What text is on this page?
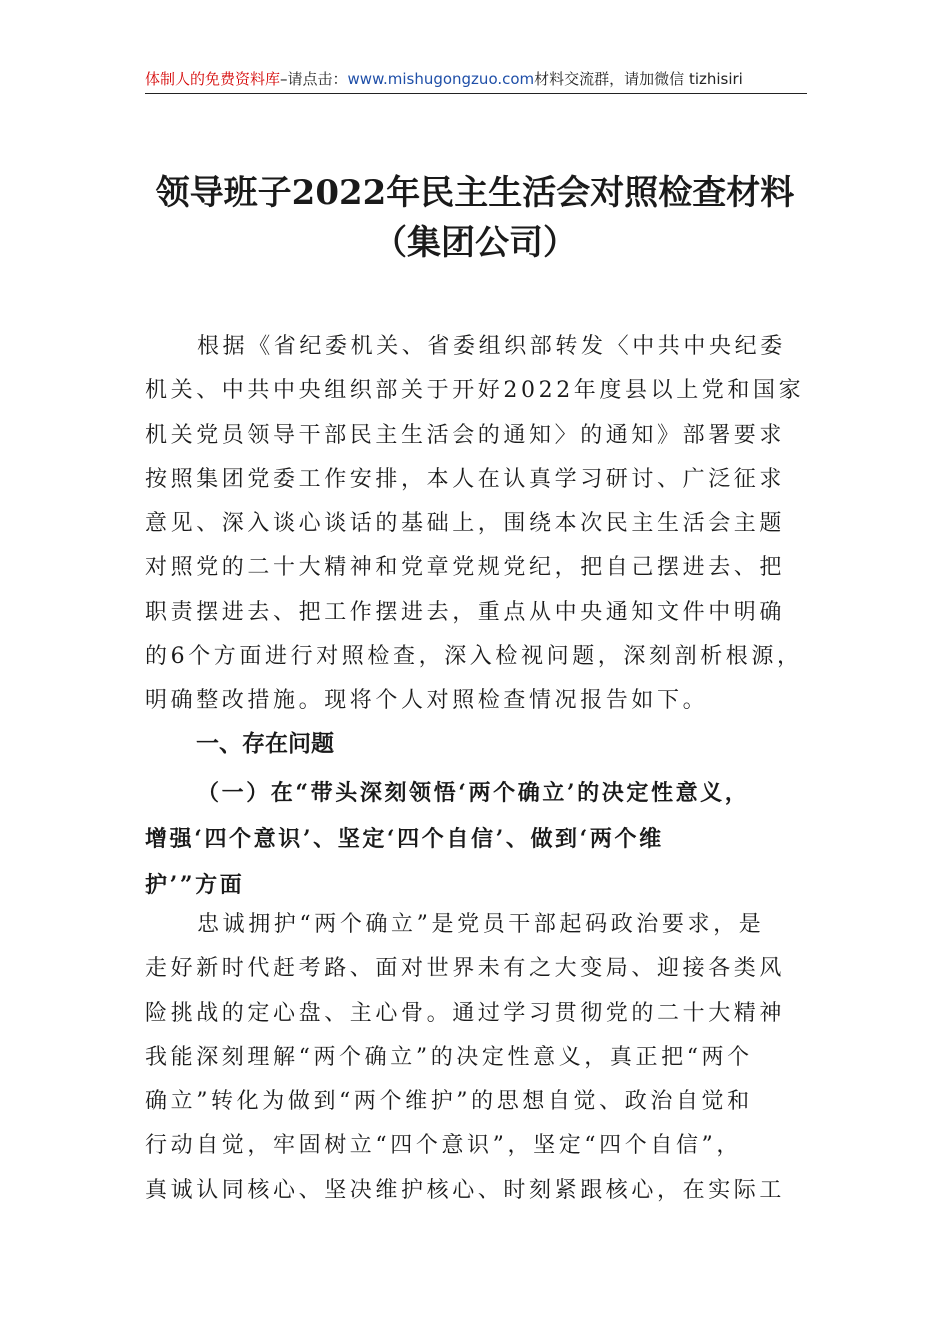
体制人的免费资料库–请点击：www.mishugongzuo.com材料交流群，请加微信 tizhisiri
领导班子2022年民主生活会对照检查材料
（集团公司）
根据《省纪委机关、省委组织部转发〈中共中央纪委
机关、中共中央组织部关于开好2022年度县以上党和国家
机关党员领导干部民主生活会的通知〉的通知》部署要求
按照集团党委工作安排，本人在认真学习研讨、广泛征求
意见、深入谈心谈话的基础上，围绕本次民主生活会主题
对照党的二十大精神和党章党规党纪，把自己摆进去、把
职责摆进去、把工作摆进去，重点从中央通知文件中明确
的6个方面进行对照检查，深入检视问题，深刻剖析根源，
明确整改措施。现将个人对照检查情况报告如下。
一、存在问题
（一）在“带头深刻领悟‘两个确立’的决定性意义，
增强‘四个意识’、坚定‘四个自信’、做到‘两个维
护’”方面
忠诚拥护“两个确立”是党员干部起码政治要求，是
走好新时代赶考路、面对世界未有之大变局、迎接各类风
险挑战的定心盘、主心骨。通过学习贯彻党的二十大精神
我能深刻理解“两个确立”的决定性意义，真正把“两个
确立”转化为做到“两个维护”的思想自觉、政治自觉和
行动自觉，牢固树立“四个意识”，坚定“四个自信”，
真诚认同核心、坚决维护核心、时刻紧跟核心，在实际工
